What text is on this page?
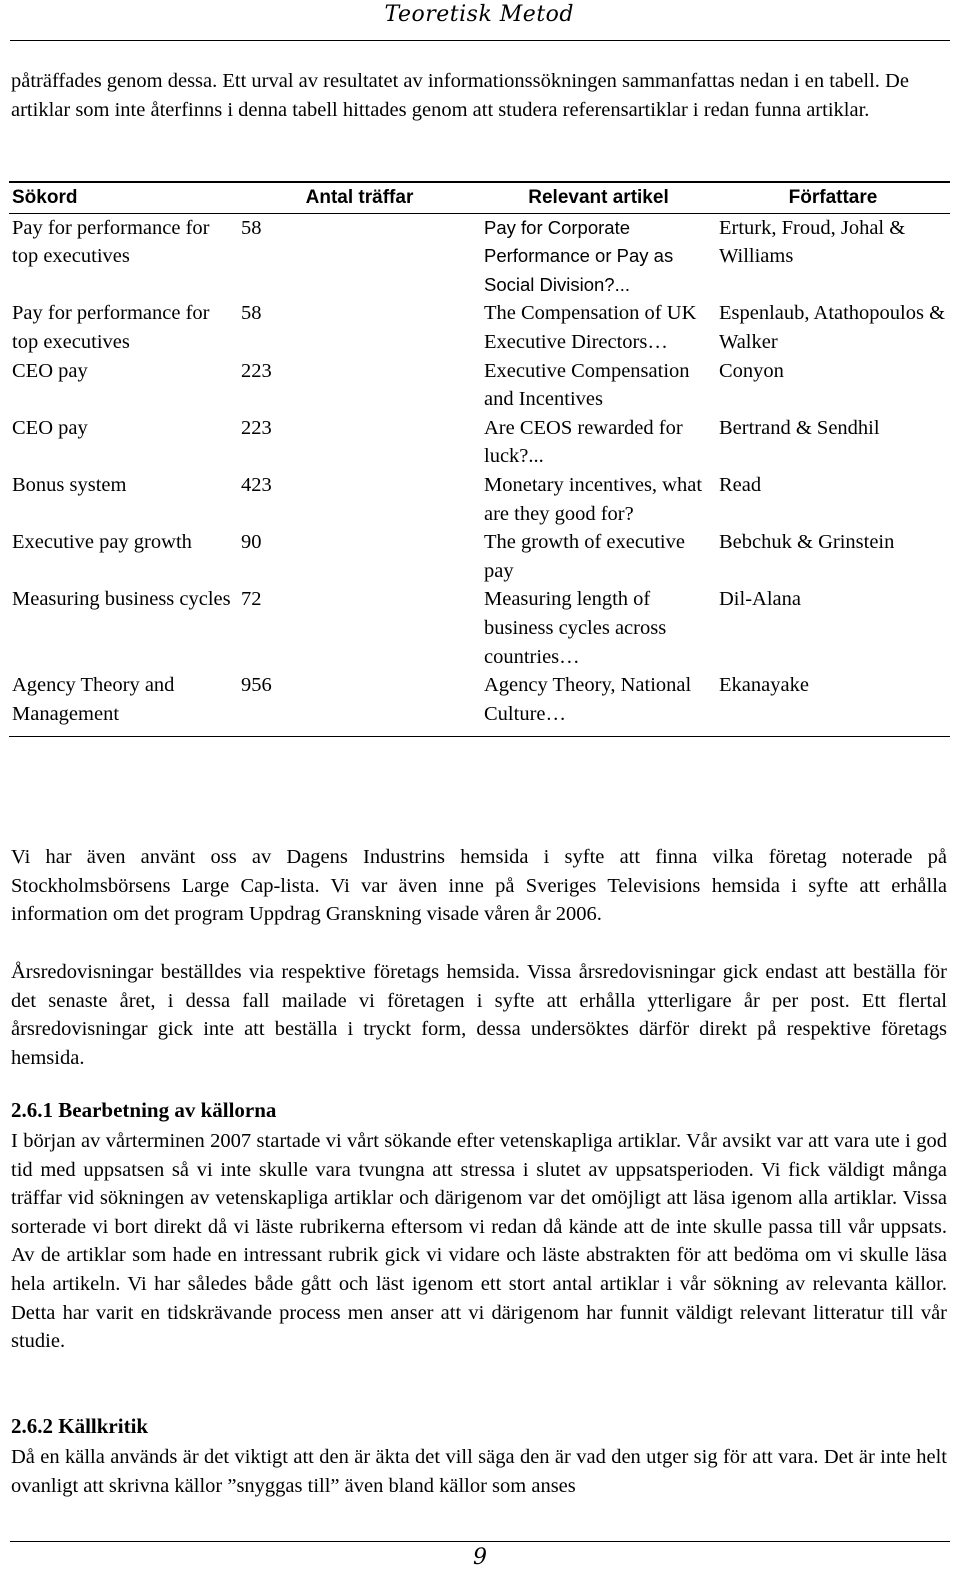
Teoretisk Metod

påträffades genom dessa. Ett urval av resultatet av informationssökningen sammanfattas nedan i en tabell. De artiklar som inte återfinns i denna tabell hittades genom att studera referensartiklar i redan funna artiklar.

Sökord	Antal träffar	Relevant artikel	Författare
Pay for performance for top executives	58	Pay for Corporate Performance or Pay as Social Division?...	Erturk, Froud, Johal & Williams
Pay for performance for top executives	58	The Compensation of UK Executive Directors…	Espenlaub, Atathopoulos & Walker
CEO pay	223	Executive Compensation and Incentives	Conyon
CEO pay	223	Are CEOS rewarded for luck?...	Bertrand & Sendhil
Bonus system	423	Monetary incentives, what are they good for?	Read
Executive pay growth	90	The growth of executive pay	Bebchuk & Grinstein
Measuring business cycles	72	Measuring length of business cycles across countries…	Dil-Alana
Agency Theory and Management	956	Agency Theory, National Culture…	Ekanayake

Vi har även använt oss av Dagens Industrins hemsida i syfte att finna vilka företag noterade på Stockholmsbörsens Large Cap-lista. Vi var även inne på Sveriges Televisions hemsida i syfte att erhålla information om det program Uppdrag Granskning visade våren år 2006.

Årsredovisningar beställdes via respektive företags hemsida. Vissa årsredovisningar gick endast att beställa för det senaste året, i dessa fall mailade vi företagen i syfte att erhålla ytterligare år per post. Ett flertal årsredovisningar gick inte att beställa i tryckt form, dessa undersöktes därför direkt på respektive företags hemsida.

2.6.1 Bearbetning av källorna

I början av vårterminen 2007 startade vi vårt sökande efter vetenskapliga artiklar. Vår avsikt var att vara ute i god tid med uppsatsen så vi inte skulle vara tvungna att stressa i slutet av uppsatsperioden. Vi fick väldigt många träffar vid sökningen av vetenskapliga artiklar och därigenom var det omöjligt att läsa igenom alla artiklar. Vissa sorterade vi bort direkt då vi läste rubrikerna eftersom vi redan då kände att de inte skulle passa till vår uppsats. Av de artiklar som hade en intressant rubrik gick vi vidare och läste abstrakten för att bedöma om vi skulle läsa hela artikeln. Vi har således både gått och läst igenom ett stort antal artiklar i vår sökning av relevanta källor. Detta har varit en tidskrävande process men anser att vi därigenom har funnit väldigt relevant litteratur till vår studie.

2.6.2 Källkritik

Då en källa används är det viktigt att den är äkta det vill säga den är vad den utger sig för att vara. Det är inte helt ovanligt att skrivna källor ”snyggas till” även bland källor som anses

9
